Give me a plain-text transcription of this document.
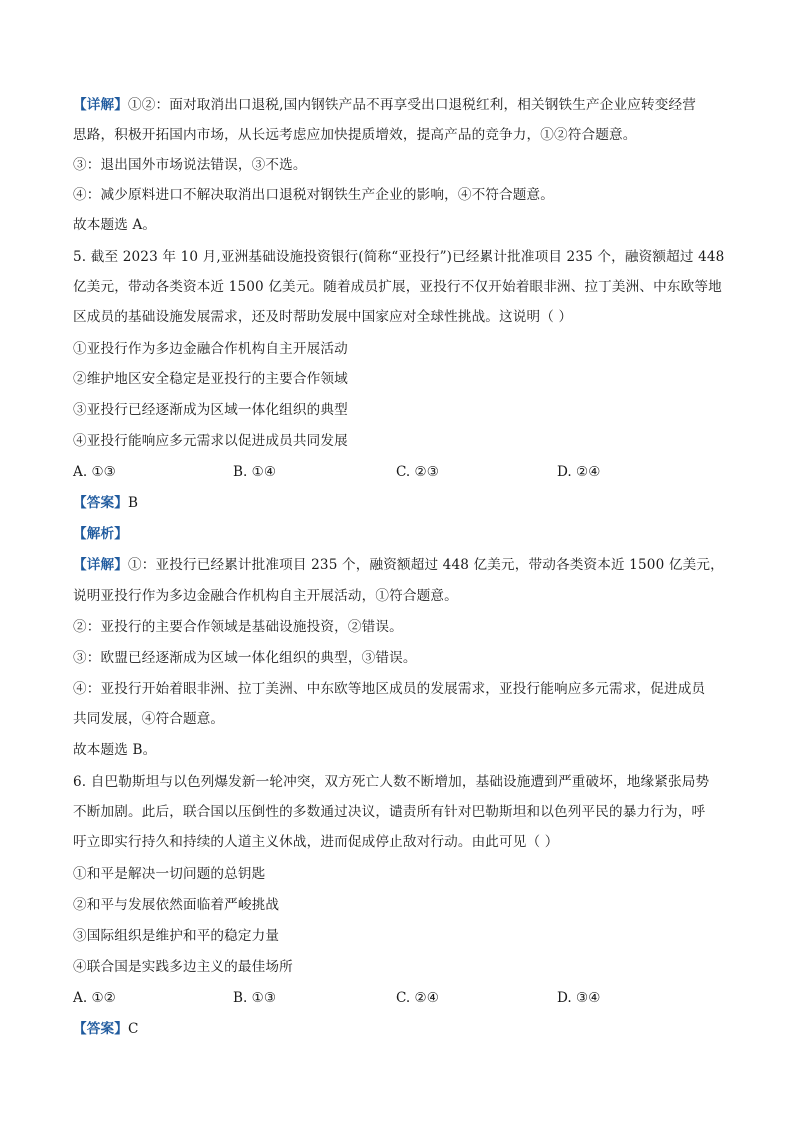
【详解】①②：面对取消出口退税,国内钢铁产品不再享受出口退税红利，相关钢铁生产企业应转变经营
思路，积极开拓国内市场，从长远考虑应加快提质增效，提高产品的竞争力，①②符合题意。
③：退出国外市场说法错误，③不选。
④：减少原料进口不解决取消出口退税对钢铁生产企业的影响，④不符合题意。
故本题选 A。
5. 截至 2023 年 10 月,亚洲基础设施投资银行(简称“亚投行”)已经累计批准项目 235 个，融资额超过 448
亿美元，带动各类资本近 1500 亿美元。随着成员扩展，亚投行不仅开始着眼非洲、拉丁美洲、中东欧等地
区成员的基础设施发展需求，还及时帮助发展中国家应对全球性挑战。这说明（ ）
①亚投行作为多边金融合作机构自主开展活动
②维护地区安全稳定是亚投行的主要合作领域
③亚投行已经逐渐成为区域一体化组织的典型
④亚投行能响应多元需求以促进成员共同发展
A. ①③	B. ①④	C. ②③	D. ②④
【答案】B
【解析】
【详解】①：亚投行已经累计批准项目 235 个，融资额超过 448 亿美元，带动各类资本近 1500 亿美元，
说明亚投行作为多边金融合作机构自主开展活动，①符合题意。
②：亚投行的主要合作领域是基础设施投资，②错误。
③：欧盟已经逐渐成为区域一体化组织的典型，③错误。
④：亚投行开始着眼非洲、拉丁美洲、中东欧等地区成员的发展需求，亚投行能响应多元需求，促进成员
共同发展，④符合题意。
故本题选 B。
6. 自巴勒斯坦与以色列爆发新一轮冲突，双方死亡人数不断增加，基础设施遭到严重破坏，地缘紧张局势
不断加剧。此后，联合国以压倒性的多数通过决议，谴责所有针对巴勒斯坦和以色列平民的暴力行为，呼
吁立即实行持久和持续的人道主义休战，进而促成停止敌对行动。由此可见（ ）
①和平是解决一切问题的总钥匙
②和平与发展依然面临着严峻挑战
③国际组织是维护和平的稳定力量
④联合国是实践多边主义的最佳场所
A. ①②	B. ①③	C. ②④	D. ③④
【答案】C
